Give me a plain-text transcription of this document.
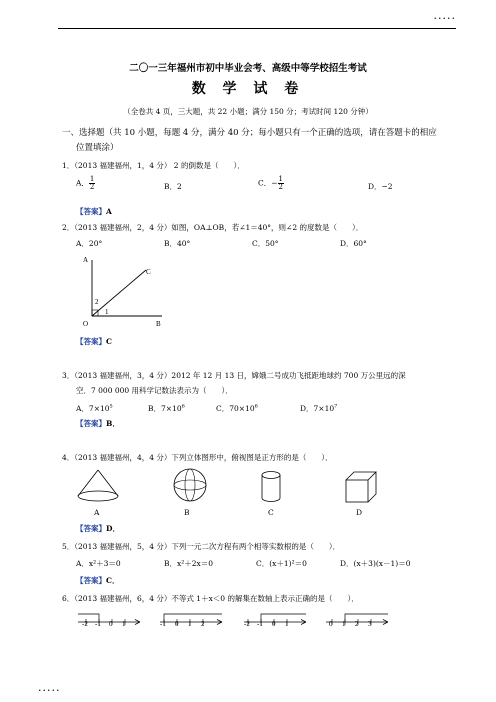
·····
·····
二〇一三年福州市初中毕业会考、高级中等学校招生考试
数 学 试 卷
（全卷共 4 页，三大题，共 22 小题；满分 150 分；考试时间 120 分钟）
一、选择题（共 10 小题，每题 4 分，满分 40 分；每小题只有一个正确的选项，请在答题卡的相应
位置填涂）
1．（2013 福建福州，1，4 分） 2 的倒数是（　　）．
A． $\frac{1}{2}$	B．2	C．− $\frac{1}{2}$	D．−2
【答案】A
2．（2013 福建福州，2，4 分）如图，OA⊥OB，若∠1＝40°，则∠2 的度数是（　　）．
A．20°	B．40°	C．50°	D．60°
A
C
O	B
2
1
【答案】C
3．（2013 福建福州，3，4 分）2012 年 12 月 13 日，嫦娥二号成功飞抵距地球约 700 万公里远的深
空．7 000 000 用科学记数法表示为（　　）．
A．$7\times 10^5$	B．$7\times 10^6$	C．$70\times 10^6$	D．$7\times 10^7$
【答案】B．
4．（2013 福建福州，4，4 分）下列立体图形中，俯视图是正方形的是（　　）．
A	B	C	D
【答案】D．
5．（2013 福建福州，5，4 分）下列一元二次方程有两个相等实数根的是（　　）．
A．x²＋3＝0	B．x²＋2x＝0	C．(x＋1)²＝0	D．(x＋3)(x－1)＝0
【答案】C．
6．（2013 福建福州，6，4 分）不等式 1＋x＜0 的解集在数轴上表示正确的是（　　）．
-2 -1 0 1	-1 0 1 2	-2 -1 0 1	0 1 2 3
